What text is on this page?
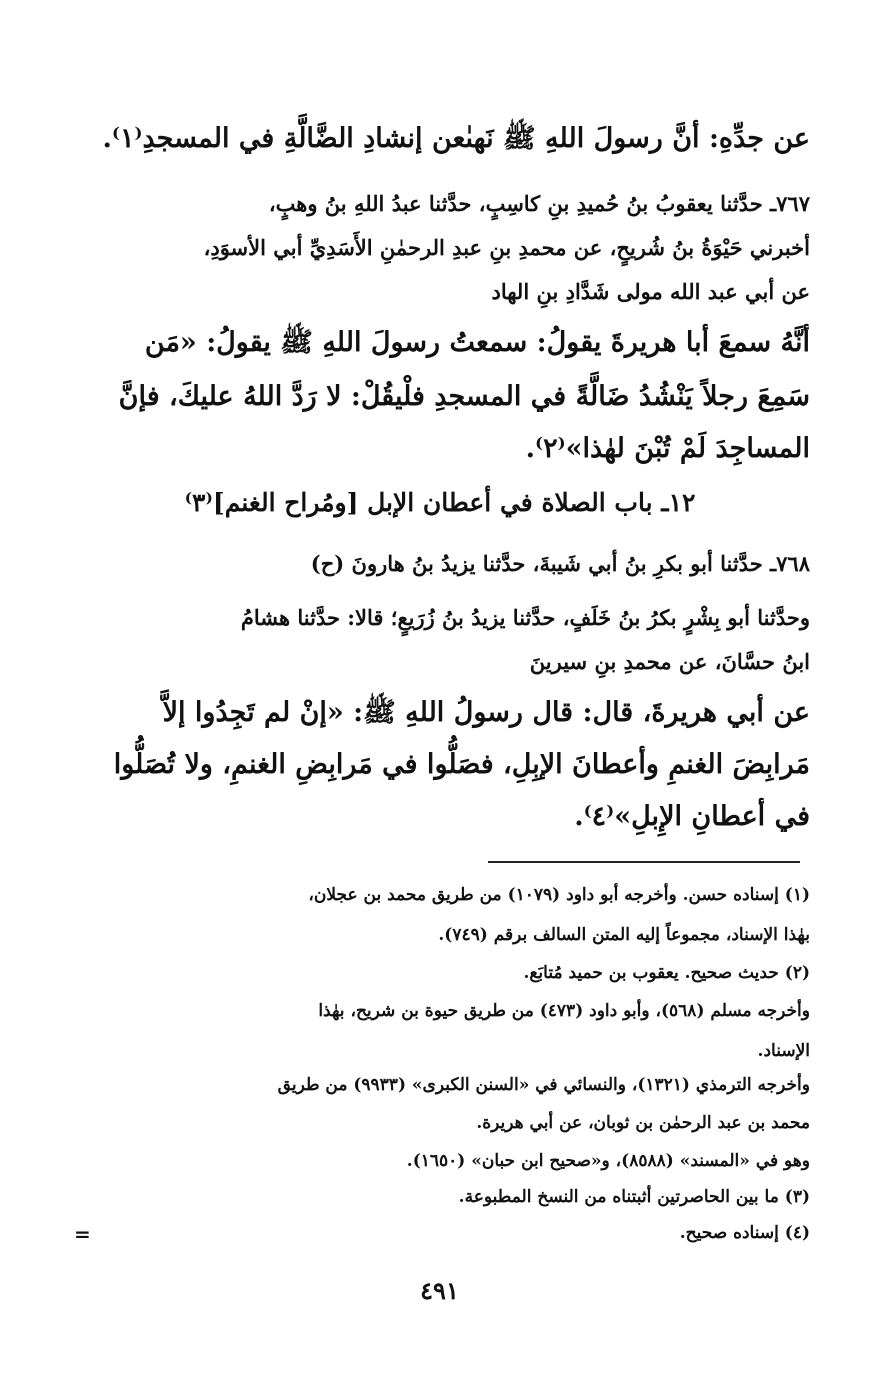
عن جدِّهِ: أنَّ رسولَ اللهِ ﷺ نَهىٰعن إنشادِ الضَّالَّةِ في المسجدِ⁽١⁾.
٧٦٧ـ حدَّثنا يعقوبُ بنُ حُميدِ بنِ كاسِبٍ، حدَّثنا عبدُ اللهِ بنُ وهبٍ،
أخبرني حَيْوَةُ بنُ شُريحٍ، عن محمدِ بنِ عبدِ الرحمٰنِ الأَسَدِيِّ أبي الأسوَدِ،
عن أبي عبد الله مولى شَدَّادِ بنِ الهاد
أنَّهُ سمعَ أبا هريرةَ يقولُ: سمعتُ رسولَ اللهِ ﷺ يقولُ: «مَن
سَمِعَ رجلاً يَنْشُدُ ضَالَّةً في المسجدِ فلْيقُلْ: لا رَدَّ اللهُ عليكَ، فإنَّ
المساجِدَ لَمْ تُبْنَ لهٰذا»⁽٢⁾.
١٢ـ باب الصلاة في أعطان الإبل [ومُراح الغنم]⁽٣⁾
٧٦٨ـ حدَّثنا أبو بكرِ بنُ أبي شَيبةَ، حدَّثنا يزيدُ بنُ هارونَ (ح)
وحدَّثنا أبو بِشْرٍ بكرُ بنُ خَلَفٍ، حدَّثنا يزيدُ بنُ زُرَيعٍ؛ قالا: حدَّثنا هشامُ
ابنُ حسَّانَ، عن محمدِ بنِ سيرينَ
عن أبي هريرةَ، قال: قال رسولُ اللهِ ﷺ: «إنْ لم تَجِدُوا إلاَّ
مَرابِضَ الغنمِ وأعطانَ الإبِلِ، فصَلُّوا في مَرابِضِ الغنمِ، ولا تُصَلُّوا
في أعطانِ الإِبلِ»⁽٤⁾.
(١) إسناده حسن. وأخرجه أبو داود (١٠٧٩) من طريق محمد بن عجلان،
بهٰذا الإسناد، مجموعاً إليه المتن السالف برقم (٧٤٩).
(٢) حديث صحيح. يعقوب بن حميد مُتابَع.
وأخرجه مسلم (٥٦٨)، وأبو داود (٤٧٣) من طريق حيوة بن شريح، بهٰذا
الإسناد.
وأخرجه الترمذي (١٣٢١)، والنسائي في «السنن الكبرى» (٩٩٣٣) من طريق
محمد بن عبد الرحمٰن بن ثوبان، عن أبي هريرة.
وهو في «المسند» (٨٥٨٨)، و«صحيح ابن حبان» (١٦٥٠).
(٣) ما بين الحاصرتين أثبتناه من النسخ المطبوعة.
(٤) إسناده صحيح.
=
٤٩١
